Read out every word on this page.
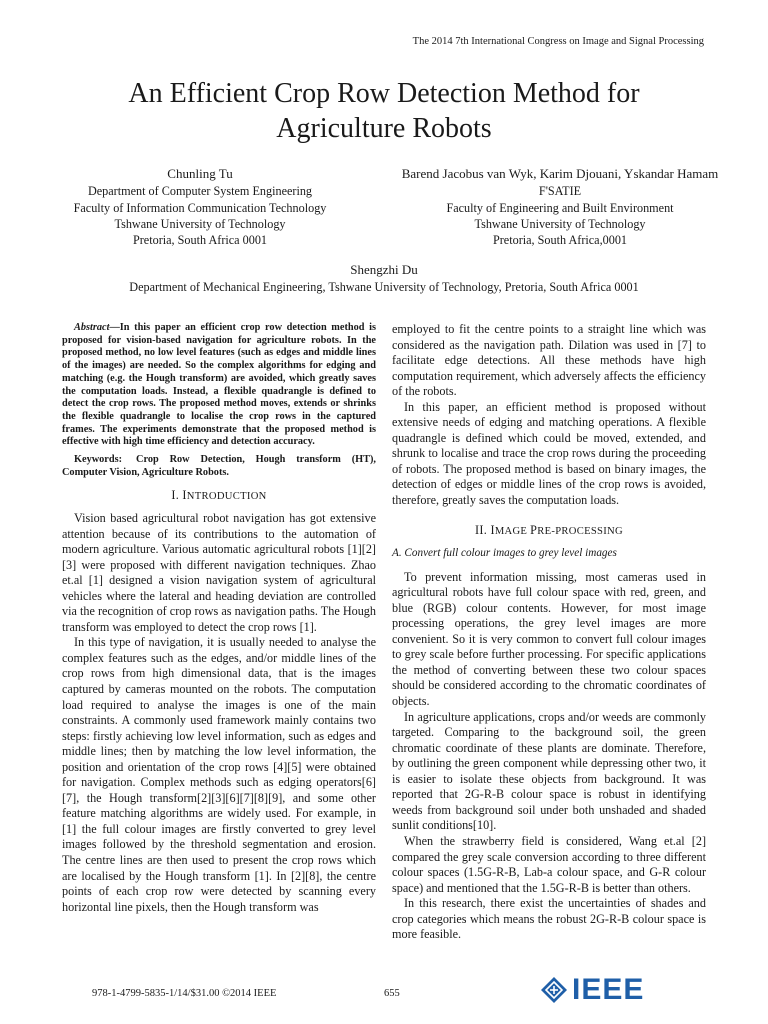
The 2014 7th International Congress on Image and Signal Processing
An Efficient Crop Row Detection Method for
Agriculture Robots
Chunling Tu
Department of Computer System Engineering
Faculty of Information Communication Technology
Tshwane University of Technology
Pretoria, South Africa 0001
Barend Jacobus van Wyk, Karim Djouani, Yskandar Hamam
F'SATIE
Faculty of Engineering and Built Environment
Tshwane University of Technology
Pretoria, South Africa,0001
Shengzhi Du
Department of Mechanical Engineering, Tshwane University of Technology, Pretoria, South Africa 0001

Abstract—In this paper an efficient crop row detection method is proposed for vision-based navigation for agriculture robots. In the proposed method, no low level features (such as edges and middle lines of the images) are needed. So the complex algorithms for edging and matching (e.g. the Hough transform) are avoided, which greatly saves the computation loads. Instead, a flexible quadrangle is defined to detect the crop rows. The proposed method moves, extends or shrinks the flexible quadrangle to localise the crop rows in the captured frames. The experiments demonstrate that the proposed method is effective with high time efficiency and detection accuracy.

Keywords: Crop Row Detection, Hough transform (HT), Computer Vision, Agriculture Robots.

I. INTRODUCTION

Vision based agricultural robot navigation has got extensive attention because of its contributions to the automation of modern agriculture. Various automatic agricultural robots [1][2][3] were proposed with different navigation techniques. Zhao et.al [1] designed a vision navigation system of agricultural vehicles where the lateral and heading deviation are controlled via the recognition of crop rows as navigation paths. The Hough transform was employed to detect the crop rows [1].

In this type of navigation, it is usually needed to analyse the complex features such as the edges, and/or middle lines of the crop rows from high dimensional data, that is the images captured by cameras mounted on the robots. The computation load required to analyse the images is one of the main constraints. A commonly used framework mainly contains two steps: firstly achieving low level information, such as edges and middle lines; then by matching the low level information, the position and orientation of the crop rows [4][5] were obtained for navigation. Complex methods such as edging operators[6][7], the Hough transform[2][3][6][7][8][9], and some other feature matching algorithms are widely used. For example, in [1] the full colour images are firstly converted to grey level images followed by the threshold segmentation and erosion. The centre lines are then used to present the crop rows which are localised by the Hough transform [1]. In [2][8], the centre points of each crop row were detected by scanning every horizontal line pixels, then the Hough transform was

employed to fit the centre points to a straight line which was considered as the navigation path. Dilation was used in [7] to facilitate edge detections. All these methods have high computation requirement, which adversely affects the efficiency of the robots.

In this paper, an efficient method is proposed without extensive needs of edging and matching operations. A flexible quadrangle is defined which could be moved, extended, and shrunk to localise and trace the crop rows during the proceeding of robots. The proposed method is based on binary images, the detection of edges or middle lines of the crop rows is avoided, therefore, greatly saves the computation loads.

II. IMAGE PRE-PROCESSING
A. Convert full colour images to grey level images

To prevent information missing, most cameras used in agricultural robots have full colour space with red, green, and blue (RGB) colour contents. However, for most image processing operations, the grey level images are more convenient. So it is very common to convert full colour images to grey scale before further processing. For specific applications the method of converting between these two colour spaces should be considered according to the chromatic coordinates of objects.

In agriculture applications, crops and/or weeds are commonly targeted. Comparing to the background soil, the green chromatic coordinate of these plants are dominate. Therefore, by outlining the green component while depressing other two, it is easier to isolate these objects from background. It was reported that 2G-R-B colour space is robust in identifying weeds from background soil under both unshaded and shaded sunlit conditions[10].

When the strawberry field is considered, Wang et.al [2] compared the grey scale conversion according to three different colour spaces (1.5G-R-B, Lab-a colour space, and G-R colour space) and mentioned that the 1.5G-R-B is better than others.

In this research, there exist the uncertainties of shades and crop categories which means the robust 2G-R-B colour space is more feasible.

978-1-4799-5835-1/14/$31.00 ©2014 IEEE	655	IEEE
